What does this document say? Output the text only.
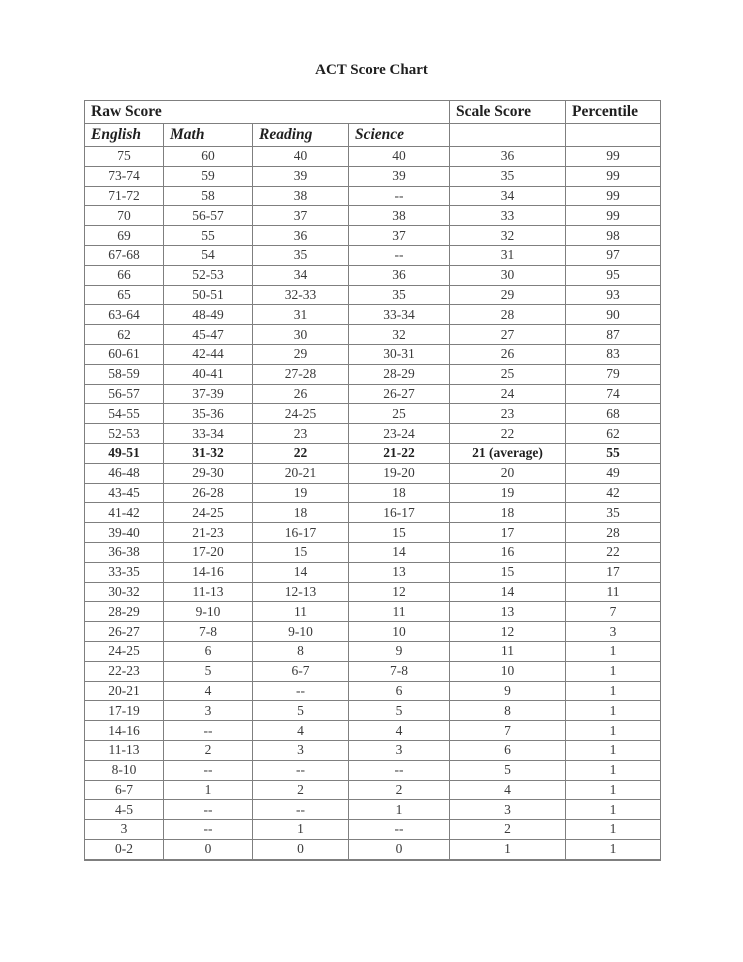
ACT Score Chart
Raw Score				Scale Score	Percentile
English	Math	Reading	Science		
75	60	40	40	36	99
73-74	59	39	39	35	99
71-72	58	38	--	34	99
70	56-57	37	38	33	99
69	55	36	37	32	98
67-68	54	35	--	31	97
66	52-53	34	36	30	95
65	50-51	32-33	35	29	93
63-64	48-49	31	33-34	28	90
62	45-47	30	32	27	87
60-61	42-44	29	30-31	26	83
58-59	40-41	27-28	28-29	25	79
56-57	37-39	26	26-27	24	74
54-55	35-36	24-25	25	23	68
52-53	33-34	23	23-24	22	62
49-51	31-32	22	21-22	21 (average)	55
46-48	29-30	20-21	19-20	20	49
43-45	26-28	19	18	19	42
41-42	24-25	18	16-17	18	35
39-40	21-23	16-17	15	17	28
36-38	17-20	15	14	16	22
33-35	14-16	14	13	15	17
30-32	11-13	12-13	12	14	11
28-29	9-10	11	11	13	7
26-27	7-8	9-10	10	12	3
24-25	6	8	9	11	1
22-23	5	6-7	7-8	10	1
20-21	4	--	6	9	1
17-19	3	5	5	8	1
14-16	--	4	4	7	1
11-13	2	3	3	6	1
8-10	--	--	--	5	1
6-7	1	2	2	4	1
4-5	--	--	1	3	1
3	--	1	--	2	1
0-2	0	0	0	1	1
